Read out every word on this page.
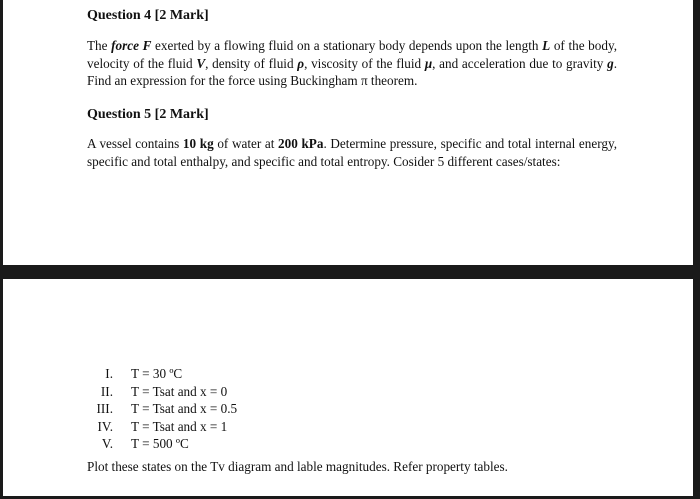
Question 4 [2 Mark]

The force F exerted by a flowing fluid on a stationary body depends upon the length L of the body, velocity of the fluid V, density of fluid ρ, viscosity of the fluid μ, and acceleration due to gravity g. Find an expression for the force using Buckingham π theorem.

Question 5 [2 Mark]

A vessel contains 10 kg of water at 200 kPa. Determine pressure, specific and total internal energy, specific and total enthalpy, and specific and total entropy. Cosider 5 different cases/states:

I. T = 30 ºC
II. T = Tsat and x = 0
III. T = Tsat and x = 0.5
IV. T = Tsat and x = 1
V. T = 500 ºC
Plot these states on the Tv diagram and lable magnitudes. Refer property tables.
